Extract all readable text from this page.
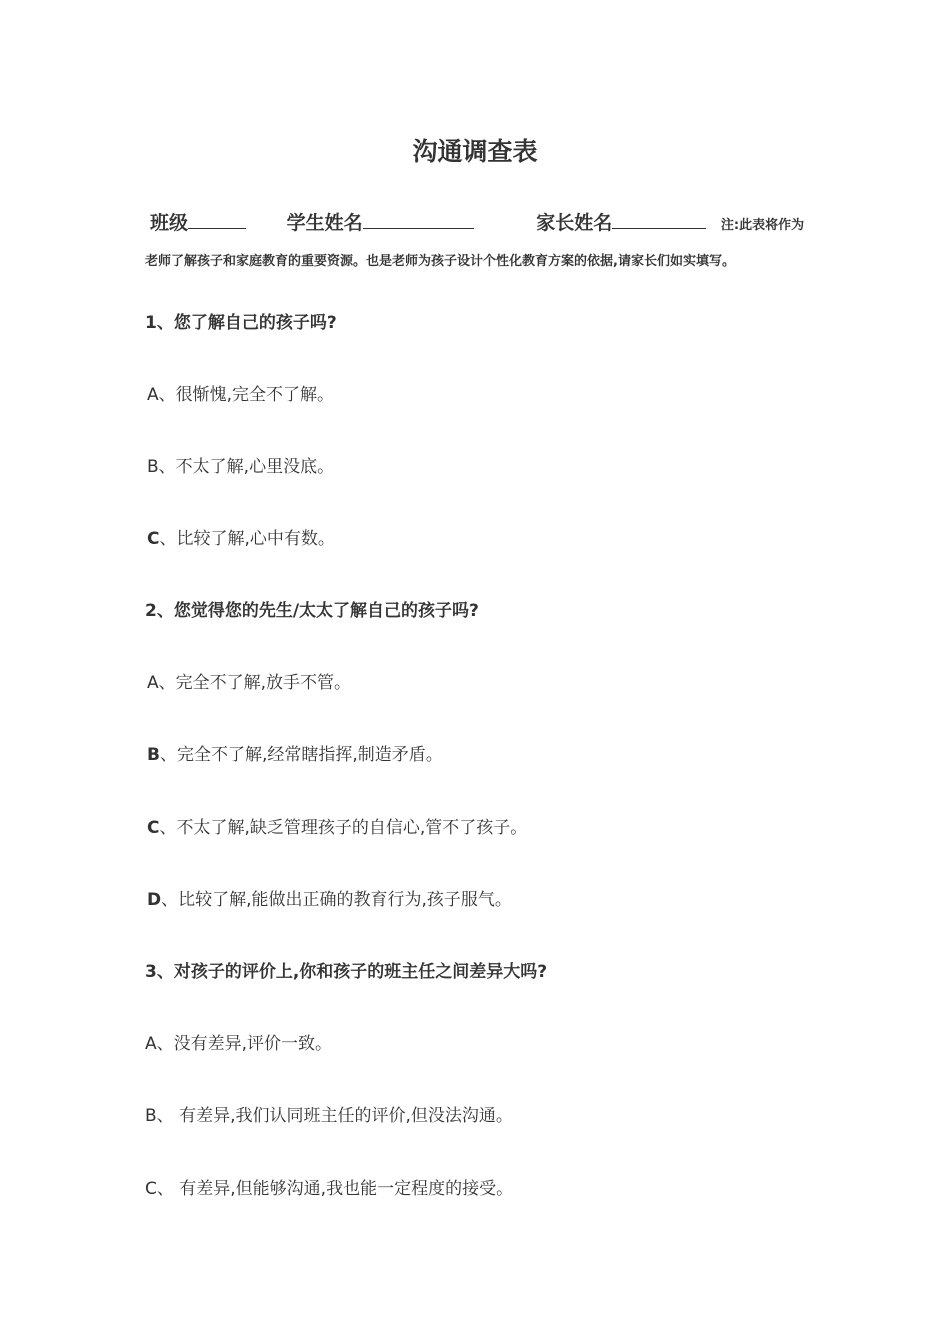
沟通调查表
班级	学生姓名	家长姓名	注:此表将作为
老师了解孩子和家庭教育的重要资源。也是老师为孩子设计个性化教育方案的依据,请家长们如实填写。
1、您了解自己的孩子吗?
A、很惭愧,完全不了解。
B、不太了解,心里没底。
C、比较了解,心中有数。
2、您觉得您的先生/太太了解自己的孩子吗?
A、完全不了解,放手不管。
B、完全不了解,经常瞎指挥,制造矛盾。
C、不太了解,缺乏管理孩子的自信心,管不了孩子。
D、比较了解,能做出正确的教育行为,孩子服气。
3、对孩子的评价上,你和孩子的班主任之间差异大吗?
A、没有差异,评价一致。
B、 有差异,我们认同班主任的评价,但没法沟通。
C、 有差异,但能够沟通,我也能一定程度的接受。
